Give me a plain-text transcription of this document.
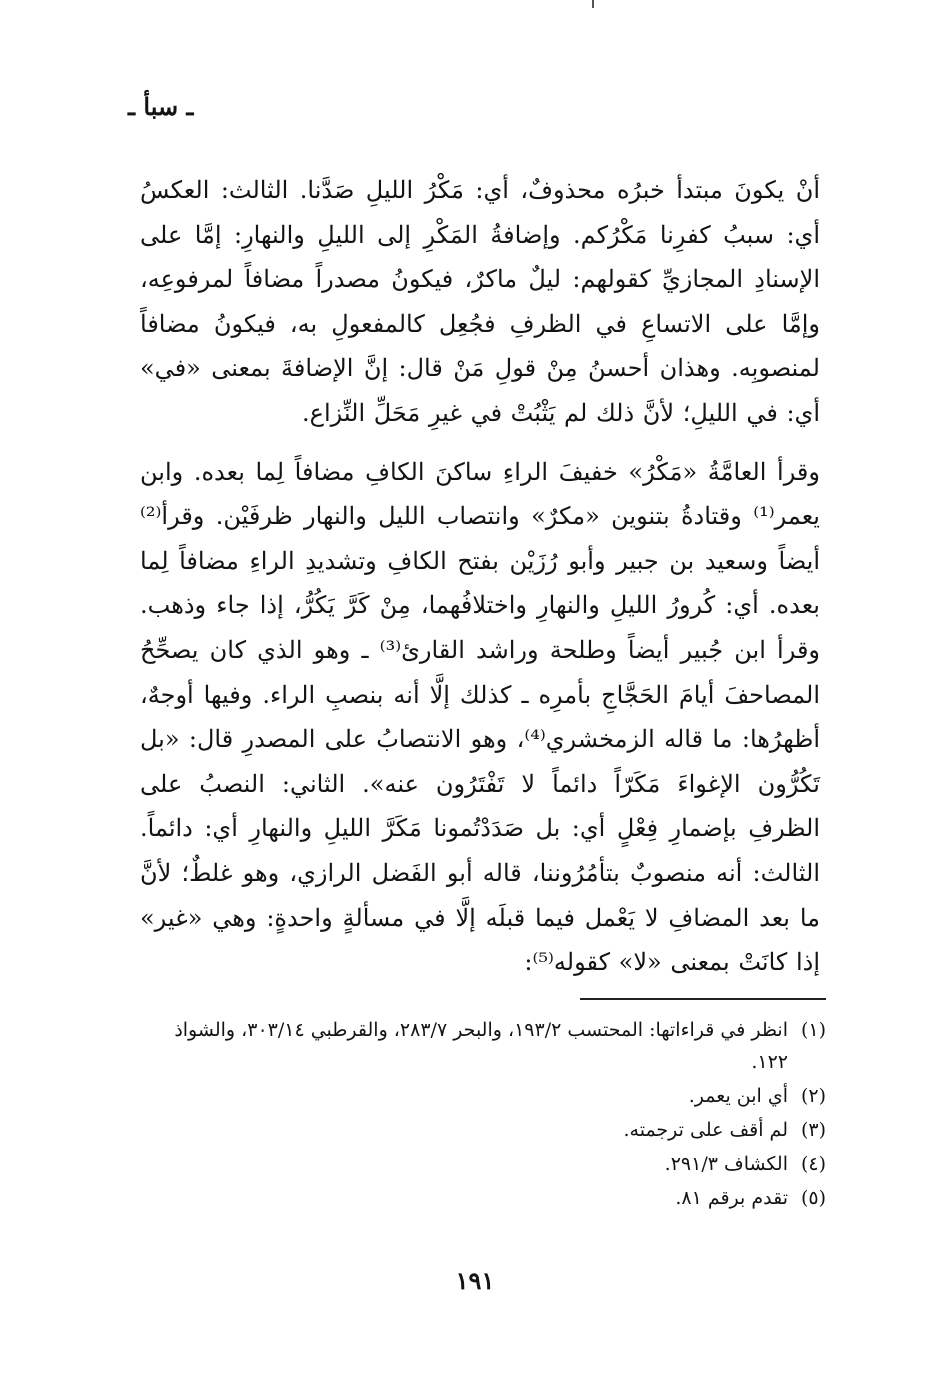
ـ سبأ ـ

أنْ يكونَ مبتدأ خبرُه محذوفٌ، أي: مَكْرُ الليلِ صَدَّنا. الثالث: العكسُ أي: سببُ كفرِنا مَكْرُكم. وإضافةُ المَكْرِ إلى الليلِ والنهارِ: إمَّا على الإسنادِ المجازيِّ كقولهم: ليلٌ ماكرٌ، فيكونُ مصدراً مضافاً لمرفوعِه، وإمَّا على الاتساعِ في الظرفِ فجُعِل كالمفعولِ به، فيكونُ مضافاً لمنصوبِه. وهذان أحسنُ مِنْ قولِ مَنْ قال: إنَّ الإضافةَ بمعنى «في» أي: في الليلِ؛ لأنَّ ذلك لم يَثْبُتْ في غيرِ مَحَلِّ النِّزاع.

وقرأ العامَّةُ «مَكْرُ» خفيفَ الراءِ ساكنَ الكافِ مضافاً لِما بعده. وابن يعمر⁽¹⁾ وقتادةُ بتنوين «مكرٌ» وانتصاب الليل والنهار ظرفَيْن. وقرأ⁽²⁾ أيضاً وسعيد بن جبير وأبو رُزَيْن بفتح الكافِ وتشديدِ الراءِ مضافاً لِما بعده. أي: كُرورُ الليلِ والنهارِ واختلافُهما، مِنْ كَرَّ يَكُرُّ، إذا جاء وذهب. وقرأ ابن جُبير أيضاً وطلحة وراشد القارئ⁽³⁾ ـ وهو الذي كان يصحِّحُ المصاحفَ أيامَ الحَجَّاجِ بأمرِه ـ كذلك إلَّا أنه بنصبِ الراء. وفيها أوجهٌ، أظهرُها: ما قاله الزمخشري⁽⁴⁾، وهو الانتصابُ على المصدرِ قال: «بل تَكُرُّون الإغواءَ مَكَرّاً دائماً لا تَفْتَرُون عنه». الثاني: النصبُ على الظرفِ بإضمارِ فِعْلٍ أي: بل صَدَدْتُمونا مَكَرَّ الليلِ والنهارِ أي: دائماً. الثالث: أنه منصوبٌ بتأمُرُوننا، قاله أبو الفَضل الرازي، وهو غلطٌ؛ لأنَّ ما بعد المضافِ لا يَعْمل فيما قبلَه إلَّا في مسألةٍ واحدةٍ: وهي «غير» إذا كانَتْ بمعنى «لا» كقوله⁽⁵⁾:

(١)
انظر في قراءاتها: المحتسب ١٩٣/٢، والبحر ٢٨٣/٧، والقرطبي ٣٠٣/١٤، والشواذ ١٢٢.
(٢)
أي ابن يعمر.
(٣)
لم أقف على ترجمته.
(٤)
الكشاف ٢٩١/٣.
(٥)
تقدم برقم ٨١.
١٩١
